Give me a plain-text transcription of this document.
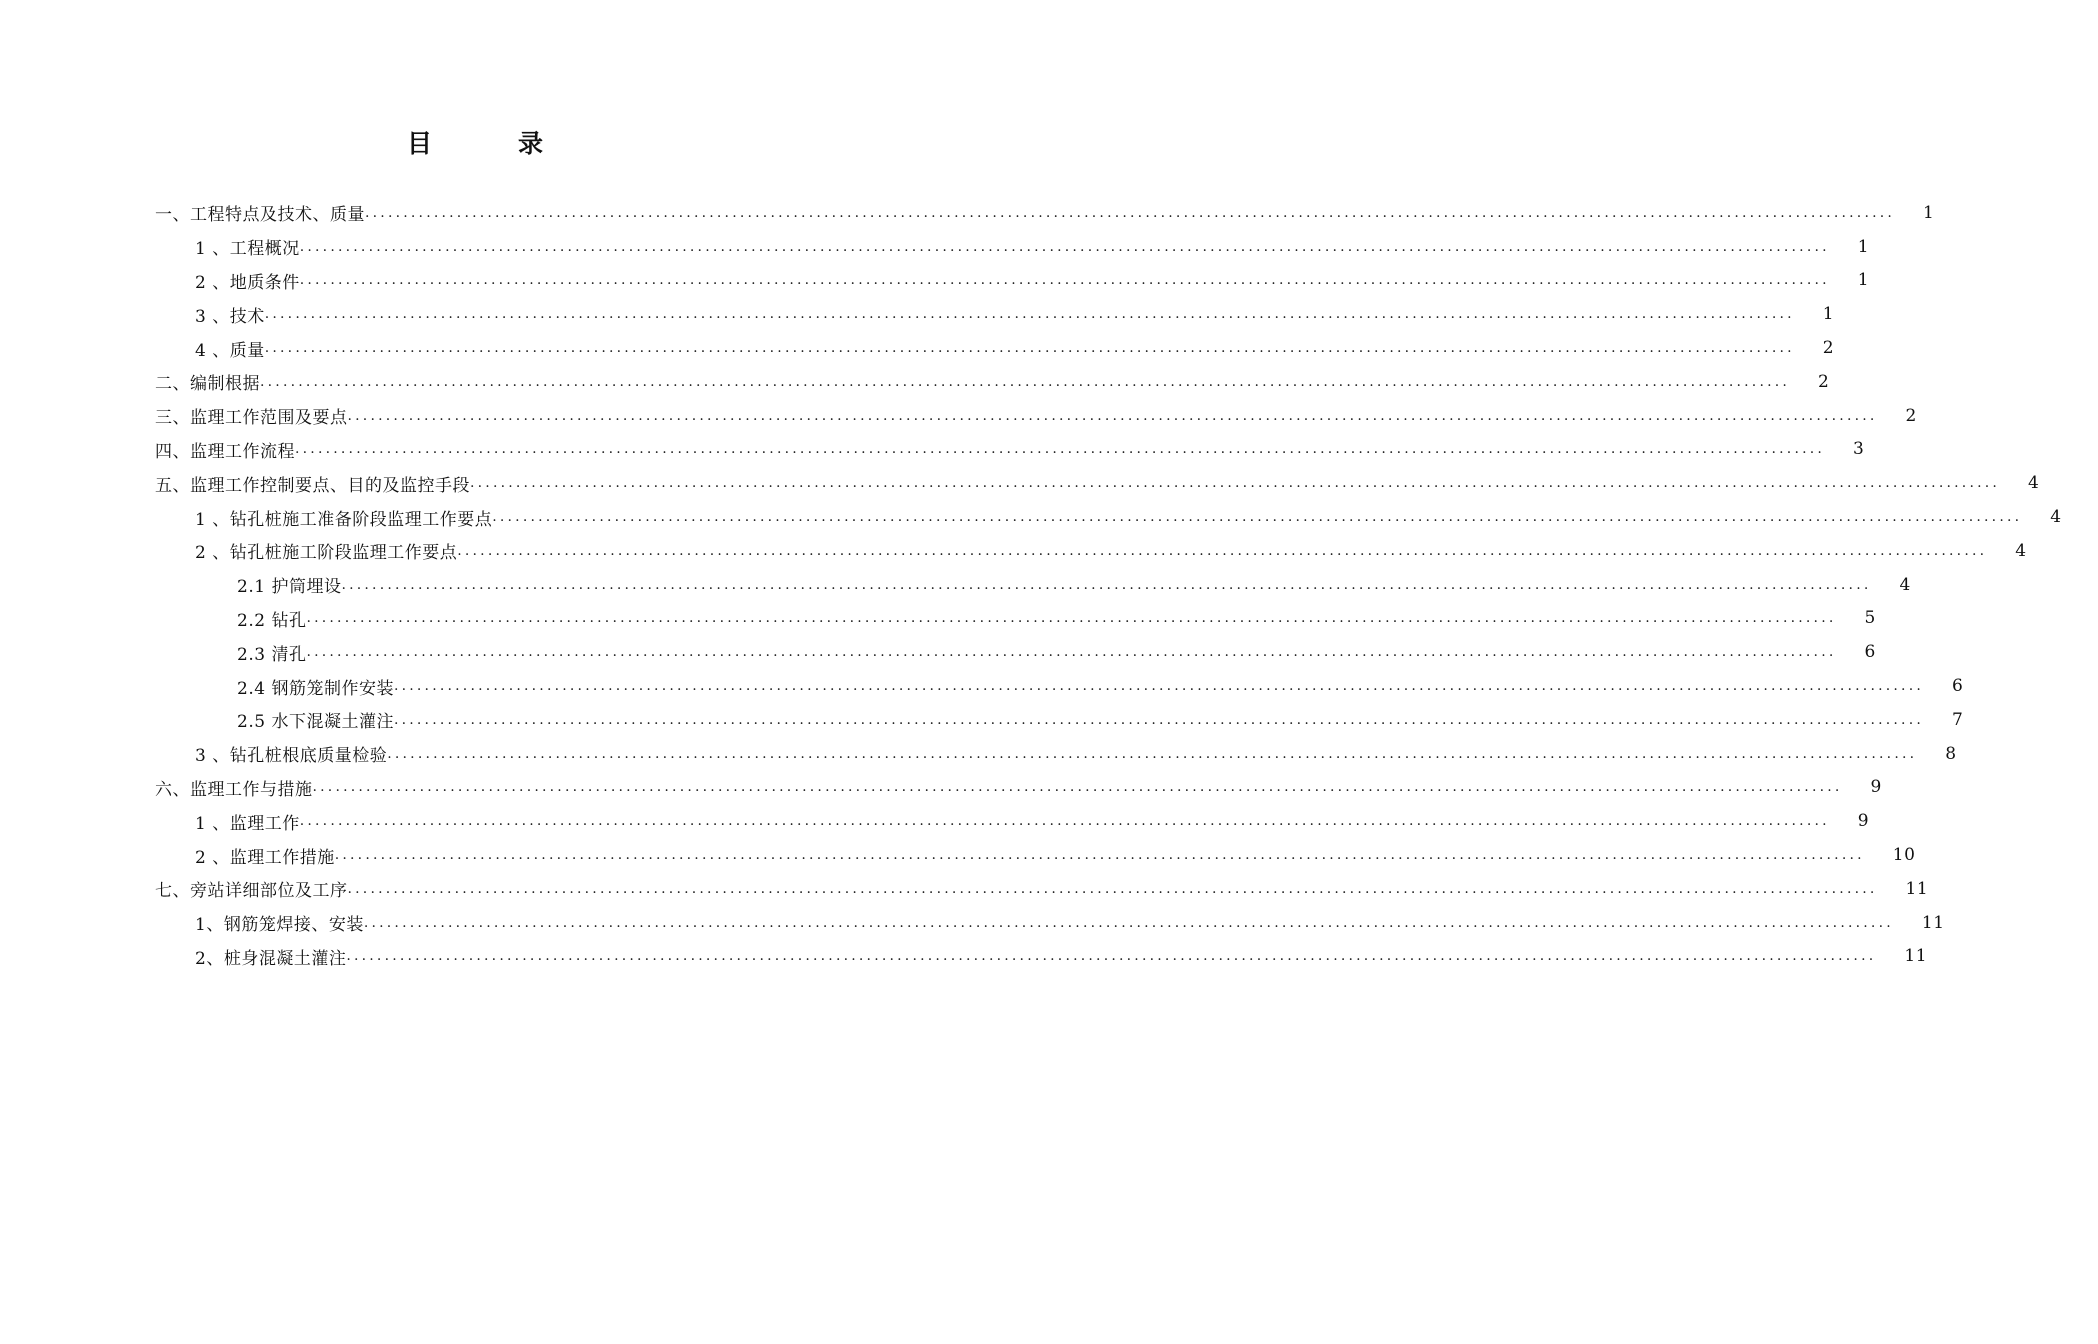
目录
一、工程特点及技术、质量 ........................................................................................................................................................................................................	1
1 、工程概况 ........................................................................................................................................................................................................	1
2 、地质条件 ........................................................................................................................................................................................................	1
3 、技术 ........................................................................................................................................................................................................	1
4 、质量 ........................................................................................................................................................................................................	2
二、编制根据 ........................................................................................................................................................................................................	2
三、监理工作范围及要点 ........................................................................................................................................................................................................	2
四、监理工作流程 ........................................................................................................................................................................................................	3
五、监理工作控制要点、目的及监控手段 ........................................................................................................................................................................................................	4
1 、钻孔桩施工准备阶段监理工作要点 ........................................................................................................................................................................................................	4
2 、钻孔桩施工阶段监理工作要点 ........................................................................................................................................................................................................	4
2.1 护筒埋设 ........................................................................................................................................................................................................	4
2.2 钻孔 ........................................................................................................................................................................................................	5
2.3 清孔 ........................................................................................................................................................................................................	6
2.4 钢筋笼制作安装 ........................................................................................................................................................................................................	6
2.5 水下混凝土灌注 ........................................................................................................................................................................................................	7
3 、钻孔桩根底质量检验 ........................................................................................................................................................................................................	8
六、监理工作与措施 ........................................................................................................................................................................................................	9
1 、监理工作 ........................................................................................................................................................................................................	9
2 、监理工作措施 ........................................................................................................................................................................................................	10
七、旁站详细部位及工序 ........................................................................................................................................................................................................	11
1、钢筋笼焊接、安装 ........................................................................................................................................................................................................	11
2、桩身混凝土灌注 ........................................................................................................................................................................................................	11
